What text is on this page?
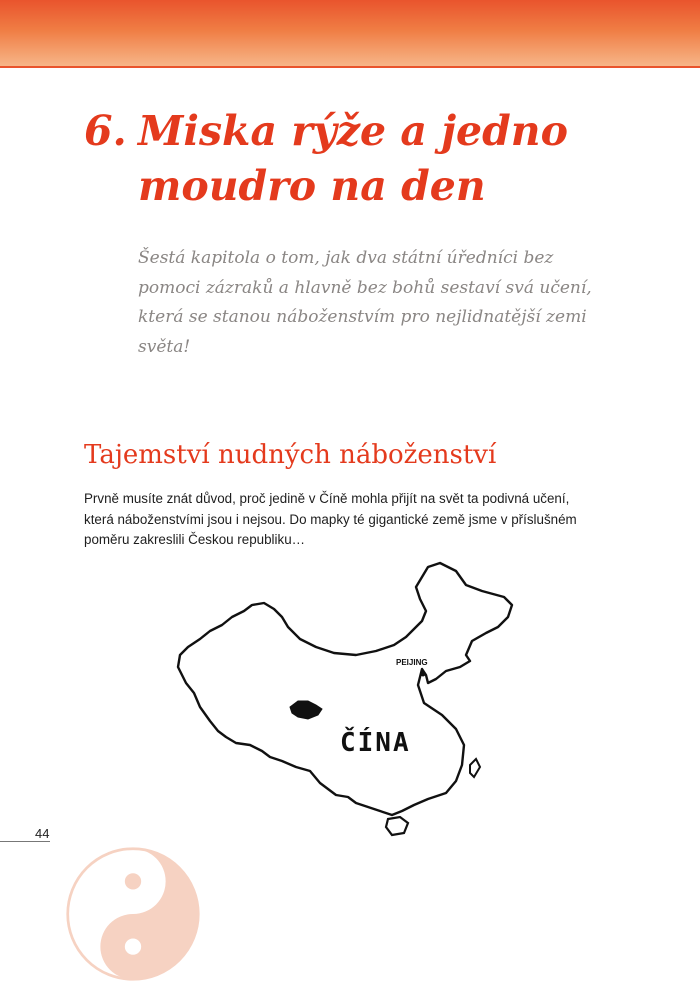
6. Miska rýže a jedno
moudro na den

Šestá kapitola o tom, jak dva státní úředníci bez
pomoci zázraků a hlavně bez bohů sestaví svá učení,
která se stanou náboženstvím pro nejlidnatější zemi
světa!

Tajemství nudných náboženství

Prvně musíte znát důvod, proč jedině v Číně mohla přijít na svět ta podivná učení,
která náboženstvími jsou i nejsou. Do mapky té gigantické země jsme v příslušném
poměru zakreslili Českou republiku…

PEIJING
ČÍNA
44
